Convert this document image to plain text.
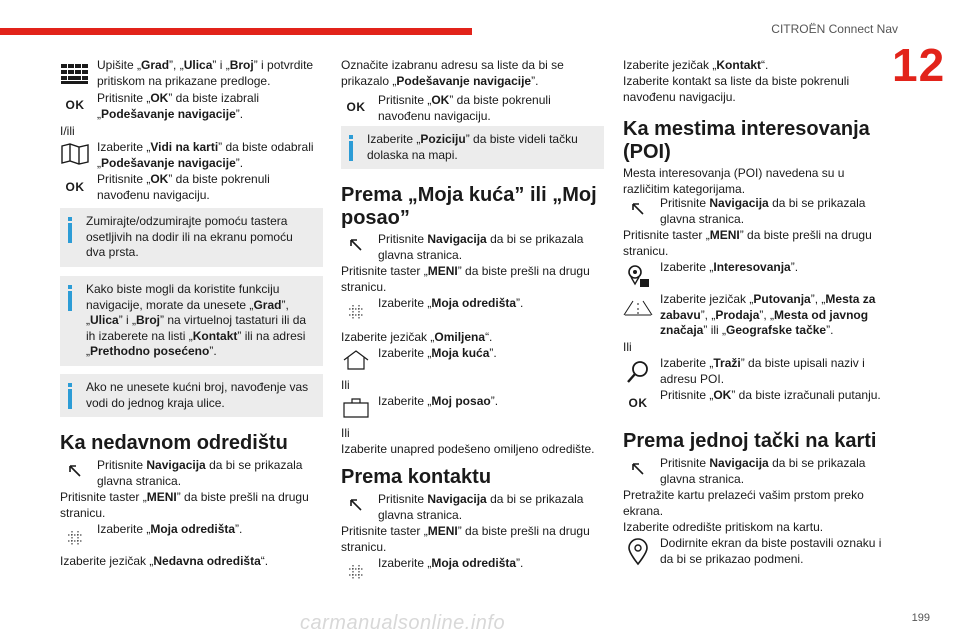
CITROËN Connect Nav
12
carmanualsonline.info	199
Upišite „Grad”, „Ulica” i „Broj” i potvrdite pritiskom na prikazane predloge.
OK
Pritisnite „OK” da biste izabrali „Podešavanje navigacije”.
I/ili
Izaberite „Vidi na karti” da biste odabrali „Podešavanje navigacije”.
OK
Pritisnite „OK” da biste pokrenuli navođenu navigaciju.
Zumirajte/odzumirajte pomoću tastera osetljivih na dodir ili na ekranu pomoću dva prsta.
Kako biste mogli da koristite funkciju navigacije, morate da unesete „Grad”, „Ulica” i „Broj” na virtuelnoj tastaturi ili da ih izaberete na listi „Kontakt” ili na adresi „Prethodno posećeno”.
Ako ne unesete kućni broj, navođenje vas vodi do jednog kraja ulice.
Ka nedavnom odredištu
Pritisnite Navigacija da bi se prikazala glavna stranica.
Pritisnite taster „MENI” da biste prešli na drugu stranicu.
Izaberite „Moja odredišta”.
Izaberite jezičak „Nedavna odredišta“.
Označite izabranu adresu sa liste da bi se prikazalo „Podešavanje navigacije”.
OK
Pritisnite „OK” da biste pokrenuli navođenu navigaciju.
Izaberite „Poziciju” da biste videli tačku dolaska na mapi.
Prema „Moja kuća” ili „Moj posao”
Pritisnite Navigacija da bi se prikazala glavna stranica.
Pritisnite taster „MENI” da biste prešli na drugu stranicu.
Izaberite „Moja odredišta”.
Izaberite jezičak „Omiljena“.
Izaberite „Moja kuća”.
Ili
Izaberite „Moj posao”.
Ili
Izaberite unapred podešeno omiljeno odredište.
Prema kontaktu
Pritisnite Navigacija da bi se prikazala glavna stranica.
Pritisnite taster „MENI” da biste prešli na drugu stranicu.
Izaberite „Moja odredišta”.
Izaberite jezičak „Kontakt“.
Izaberite kontakt sa liste da biste pokrenuli navođenu navigaciju.
Ka mestima interesovanja (POI)
Mesta interesovanja (POI) navedena su u različitim kategorijama.
Pritisnite Navigacija da bi se prikazala glavna stranica.
Pritisnite taster „MENI” da biste prešli na drugu stranicu.
Izaberite „Interesovanja”.
Izaberite jezičak „Putovanja”, „Mesta za zabavu”, „Prodaja”, „Mesta od javnog značaja” ili „Geografske tačke”.
Ili
Izaberite „Traži” da biste upisali naziv i adresu POI.
OK
Pritisnite „OK” da biste izračunali putanju.
Prema jednoj tački na karti
Pritisnite Navigacija da bi se prikazala glavna stranica.
Pretražite kartu prelazeći vašim prstom preko ekrana.
Izaberite odredište pritiskom na kartu.
Dodirnite ekran da biste postavili oznaku i da bi se prikazao podmeni.
